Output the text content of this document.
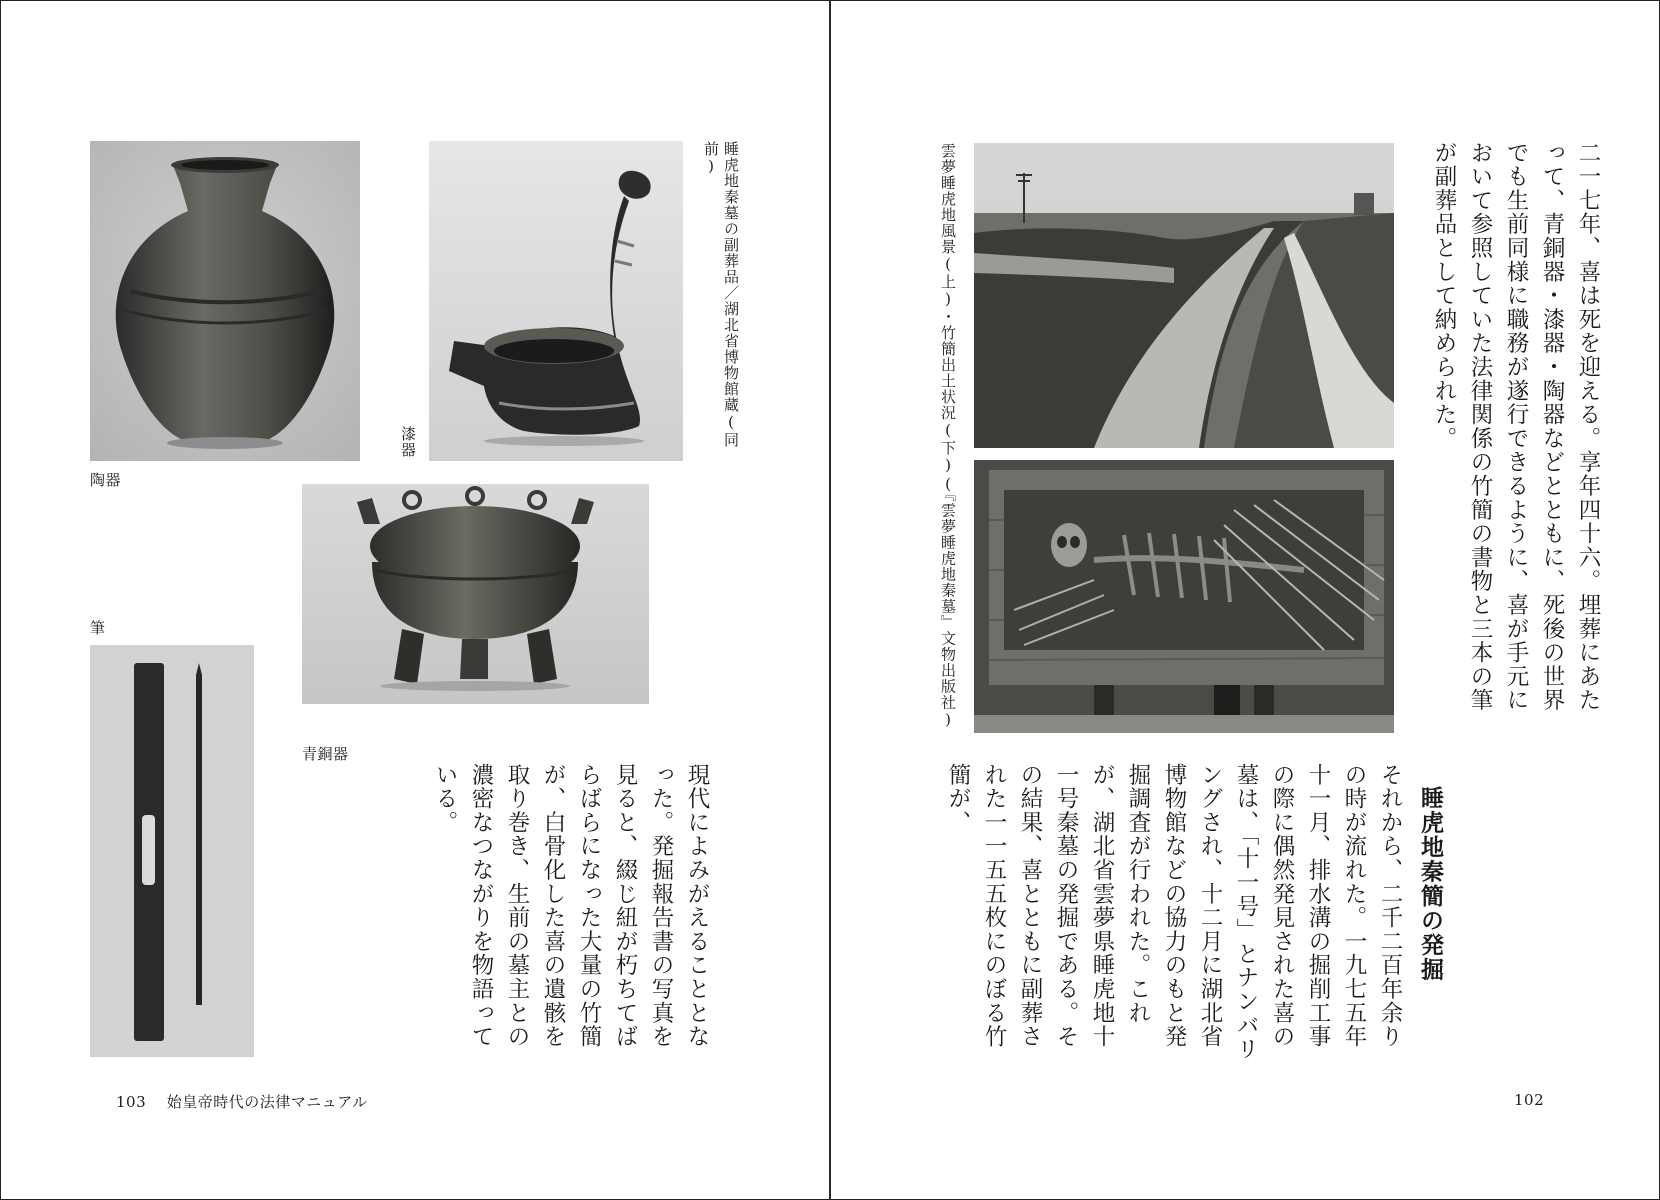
陶器
漆器	睡虎地秦墓の副葬品／湖北省博物館蔵(同前)
青銅器
筆
現代によみがえることとなった。発掘報告書の写真を見ると、綴じ紐が朽ちてばらばらになった大量の竹簡が、白骨化した喜の遺骸を取り巻き、生前の墓主との濃密なつながりを物語っている。
103 始皇帝時代の法律マニュアル
二一七年、喜は死を迎える。享年四十六。埋葬にあたって、青銅器・漆器・陶器などとともに、死後の世界でも生前同様に職務が遂行できるように、喜が手元において参照していた法律関係の竹簡の書物と三本の筆が副葬品として納められた。
雲夢睡虎地風景(上)・竹簡出土状況(下)(『雲夢睡虎地秦墓』文物出版社)
睡虎地秦簡の発掘
それから、二千二百年余りの時が流れた。一九七五年十一月、排水溝の掘削工事の際に偶然発見された喜の墓は、「十一号」とナンバリングされ、十二月に湖北省博物館などの協力のもと発掘調査が行われた。これが、湖北省雲夢県睡虎地十一号秦墓の発掘である。その結果、喜とともに副葬された一一五五枚にのぼる竹簡が、
102
